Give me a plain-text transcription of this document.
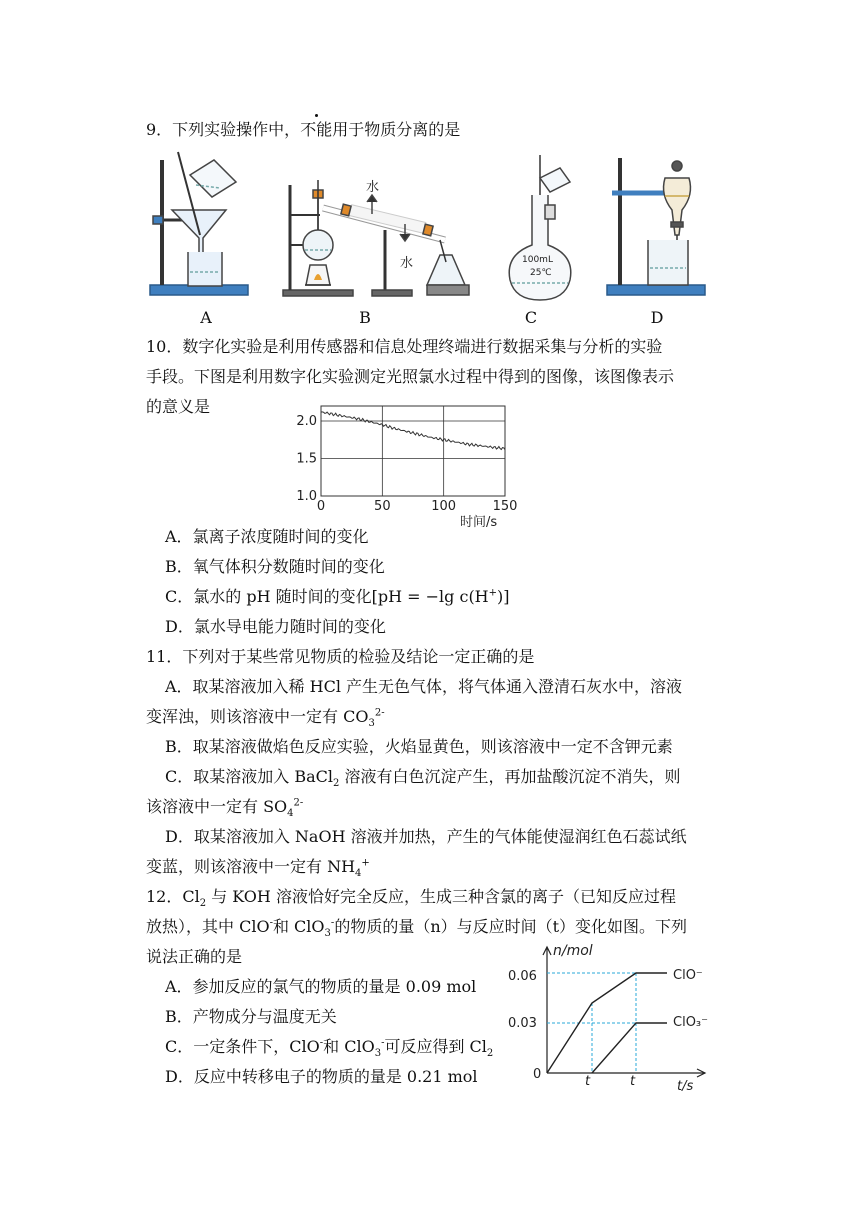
9．下列实验操作中，不能用于物质分离的是
水
水	100mL
25℃
A	B	C	D
10．数字化实验是利用传感器和信息处理终端进行数据采集与分析的实验
手段。下图是利用数字化实验测定光照氯水过程中得到的图像，该图像表示
的意义是
1.0
1.5
2.0
0	50	100	150
时间/s
A．氯离子浓度随时间的变化
B．氧气体积分数随时间的变化
C．氯水的 pH 随时间的变化[pH = −lg c(H+)]
D．氯水导电能力随时间的变化
11．下列对于某些常见物质的检验及结论一定正确的是
A．取某溶液加入稀 HCl 产生无色气体，将气体通入澄清石灰水中，溶液
变浑浊，则该溶液中一定有 $CO_3^{2-}$
B．取某溶液做焰色反应实验，火焰显黄色，则该溶液中一定不含钾元素
C．取某溶液加入 BaCl$_2$ 溶液有白色沉淀产生，再加盐酸沉淀不消失，则
该溶液中一定有 $SO_4^{2-}$
D．取某溶液加入 NaOH 溶液并加热，产生的气体能使湿润红色石蕊试纸
变蓝，则该溶液中一定有 $NH_4^+$
12．$Cl_2$ 与 KOH 溶液恰好完全反应，生成三种含氯的离子（已知反应过程
放热），其中 ClO-和 ClO$_3$-的物质的量（n）与反应时间（t）变化如图。下列
说法正确的是
A．参加反应的氯气的物质的量是 0.09 mol
B．产物成分与温度无关
C．一定条件下，ClO-和 ClO$_3$-可反应得到 $Cl_2$
D．反应中转移电子的物质的量是 0.21 mol
n/mol
t/s
0.06
0.03
0	t	t
ClO⁻
ClO₃⁻
